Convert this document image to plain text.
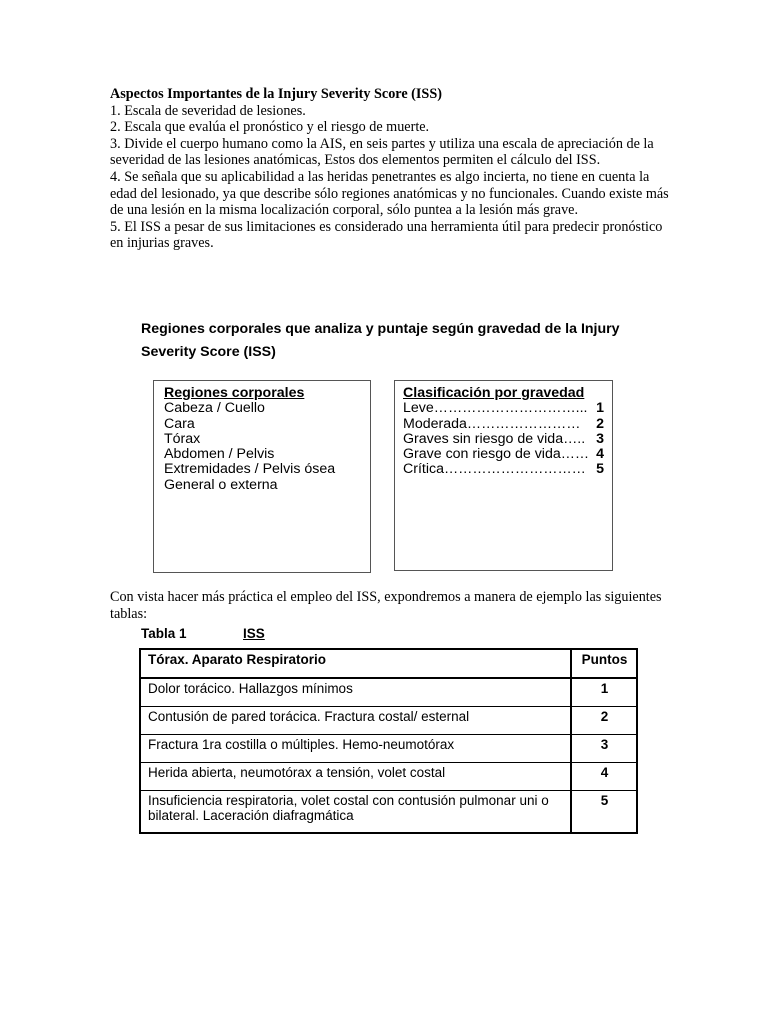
Aspectos Importantes de la Injury Severity Score (ISS)

1. Escala de severidad de lesiones.

2. Escala que evalúa el pronóstico y el riesgo de muerte.

3. Divide el cuerpo humano como la AIS, en seis partes y utiliza una escala de apreciación de la severidad de las lesiones anatómicas, Estos dos elementos permiten el cálculo del ISS.

4. Se señala que su aplicabilidad a las heridas penetrantes es algo incierta, no tiene en cuenta la edad del lesionado, ya que describe sólo regiones anatómicas y no funcionales. Cuando existe más de una lesión en la misma localización corporal, sólo puntea a la lesión más grave.

5. El ISS a pesar de sus limitaciones es considerado una herramienta útil para predecir pronóstico en injurias graves.

Regiones corporales que analiza y puntaje según gravedad de la Injury Severity Score (ISS)
Regiones corporales
Cabeza / Cuello
Cara
Tórax
Abdomen / Pelvis
Extremidades / Pelvis ósea
General o externa
Clasificación por gravedad
Leve…………………………... 1
Moderada…………………… 2
Graves sin riesgo de vida….. 3
Grave con riesgo de vida…… 4
Crítica………………………… 5

Con vista hacer más práctica el empleo del ISS, expondremos a manera de ejemplo las siguientes tablas:

Tabla 1	ISS
Tórax. Aparato Respiratorio	Puntos
Dolor torácico. Hallazgos mínimos	1
Contusión de pared torácica. Fractura costal/ esternal	2
Fractura 1ra costilla o múltiples. Hemo-neumotórax	3
Herida abierta, neumotórax a tensión, volet costal	4
Insuficiencia respiratoria, volet costal con contusión pulmonar uni o bilateral. Laceración diafragmática	5
